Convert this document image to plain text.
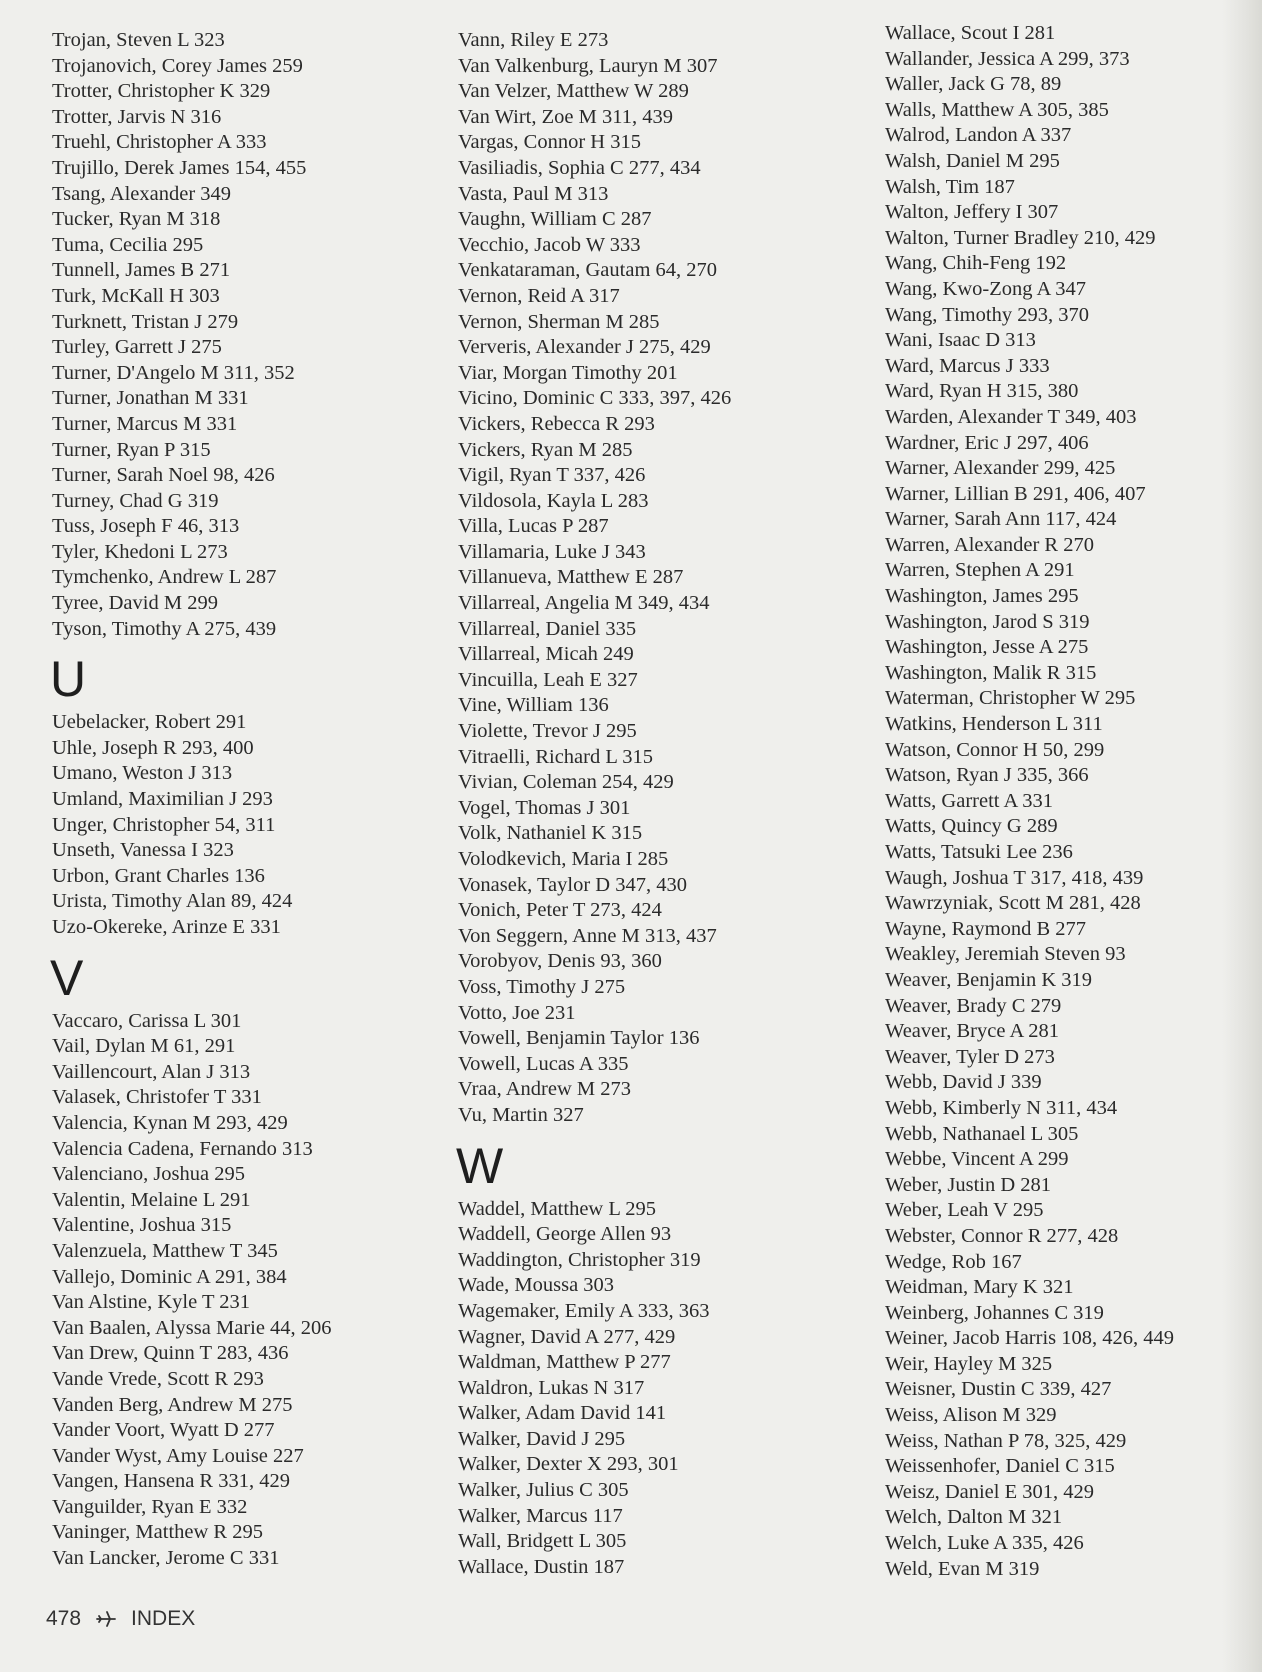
Trojan, Steven L 323
Trojanovich, Corey James 259
Trotter, Christopher K 329
Trotter, Jarvis N 316
Truehl, Christopher A 333
Trujillo, Derek James 154, 455
Tsang, Alexander 349
Tucker, Ryan M 318
Tuma, Cecilia 295
Tunnell, James B 271
Turk, McKall H 303
Turknett, Tristan J 279
Turley, Garrett J 275
Turner, D'Angelo M 311, 352
Turner, Jonathan M 331
Turner, Marcus M 331
Turner, Ryan P 315
Turner, Sarah Noel 98, 426
Turney, Chad G 319
Tuss, Joseph F 46, 313
Tyler, Khedoni L 273
Tymchenko, Andrew L 287
Tyree, David M 299
Tyson, Timothy A 275, 439
U
Uebelacker, Robert 291
Uhle, Joseph R 293, 400
Umano, Weston J 313
Umland, Maximilian J 293
Unger, Christopher 54, 311
Unseth, Vanessa I 323
Urbon, Grant Charles 136
Urista, Timothy Alan 89, 424
Uzo-Okereke, Arinze E 331
V
Vaccaro, Carissa L 301
Vail, Dylan M 61, 291
Vaillencourt, Alan J 313
Valasek, Christofer T 331
Valencia, Kynan M 293, 429
Valencia Cadena, Fernando 313
Valenciano, Joshua 295
Valentin, Melaine L 291
Valentine, Joshua 315
Valenzuela, Matthew T 345
Vallejo, Dominic A 291, 384
Van Alstine, Kyle T 231
Van Baalen, Alyssa Marie 44, 206
Van Drew, Quinn T 283, 436
Vande Vrede, Scott R 293
Vanden Berg, Andrew M 275
Vander Voort, Wyatt D 277
Vander Wyst, Amy Louise 227
Vangen, Hansena R 331, 429
Vanguilder, Ryan E 332
Vaninger, Matthew R 295
Van Lancker, Jerome C 331
Vann, Riley E 273
Van Valkenburg, Lauryn M 307
Van Velzer, Matthew W 289
Van Wirt, Zoe M 311, 439
Vargas, Connor H 315
Vasiliadis, Sophia C 277, 434
Vasta, Paul M 313
Vaughn, William C 287
Vecchio, Jacob W 333
Venkataraman, Gautam 64, 270
Vernon, Reid A 317
Vernon, Sherman M 285
Ververis, Alexander J 275, 429
Viar, Morgan Timothy 201
Vicino, Dominic C 333, 397, 426
Vickers, Rebecca R 293
Vickers, Ryan M 285
Vigil, Ryan T 337, 426
Vildosola, Kayla L 283
Villa, Lucas P 287
Villamaria, Luke J 343
Villanueva, Matthew E 287
Villarreal, Angelia M 349, 434
Villarreal, Daniel 335
Villarreal, Micah 249
Vincuilla, Leah E 327
Vine, William 136
Violette, Trevor J 295
Vitraelli, Richard L 315
Vivian, Coleman 254, 429
Vogel, Thomas J 301
Volk, Nathaniel K 315
Volodkevich, Maria I 285
Vonasek, Taylor D 347, 430
Vonich, Peter T 273, 424
Von Seggern, Anne M 313, 437
Vorobyov, Denis 93, 360
Voss, Timothy J 275
Votto, Joe 231
Vowell, Benjamin Taylor 136
Vowell, Lucas A 335
Vraa, Andrew M 273
Vu, Martin 327
W
Waddel, Matthew L 295
Waddell, George Allen 93
Waddington, Christopher 319
Wade, Moussa 303
Wagemaker, Emily A 333, 363
Wagner, David A 277, 429
Waldman, Matthew P 277
Waldron, Lukas N 317
Walker, Adam David 141
Walker, David J 295
Walker, Dexter X 293, 301
Walker, Julius C 305
Walker, Marcus 117
Wall, Bridgett L 305
Wallace, Dustin 187
Wallace, Scout I 281
Wallander, Jessica A 299, 373
Waller, Jack G 78, 89
Walls, Matthew A 305, 385
Walrod, Landon A 337
Walsh, Daniel M 295
Walsh, Tim 187
Walton, Jeffery I 307
Walton, Turner Bradley 210, 429
Wang, Chih-Feng 192
Wang, Kwo-Zong A 347
Wang, Timothy 293, 370
Wani, Isaac D 313
Ward, Marcus J 333
Ward, Ryan H 315, 380
Warden, Alexander T 349, 403
Wardner, Eric J 297, 406
Warner, Alexander 299, 425
Warner, Lillian B 291, 406, 407
Warner, Sarah Ann 117, 424
Warren, Alexander R 270
Warren, Stephen A 291
Washington, James 295
Washington, Jarod S 319
Washington, Jesse A 275
Washington, Malik R 315
Waterman, Christopher W 295
Watkins, Henderson L 311
Watson, Connor H 50, 299
Watson, Ryan J 335, 366
Watts, Garrett A 331
Watts, Quincy G 289
Watts, Tatsuki Lee 236
Waugh, Joshua T 317, 418, 439
Wawrzyniak, Scott M 281, 428
Wayne, Raymond B 277
Weakley, Jeremiah Steven 93
Weaver, Benjamin K 319
Weaver, Brady C 279
Weaver, Bryce A 281
Weaver, Tyler D 273
Webb, David J 339
Webb, Kimberly N 311, 434
Webb, Nathanael L 305
Webbe, Vincent A 299
Weber, Justin D 281
Weber, Leah V 295
Webster, Connor R 277, 428
Wedge, Rob 167
Weidman, Mary K 321
Weinberg, Johannes C 319
Weiner, Jacob Harris 108, 426, 449
Weir, Hayley M 325
Weisner, Dustin C 339, 427
Weiss, Alison M 329
Weiss, Nathan P 78, 325, 429
Weissenhofer, Daniel C 315
Weisz, Daniel E 301, 429
Welch, Dalton M 321
Welch, Luke A 335, 426
Weld, Evan M 319
478 INDEX
